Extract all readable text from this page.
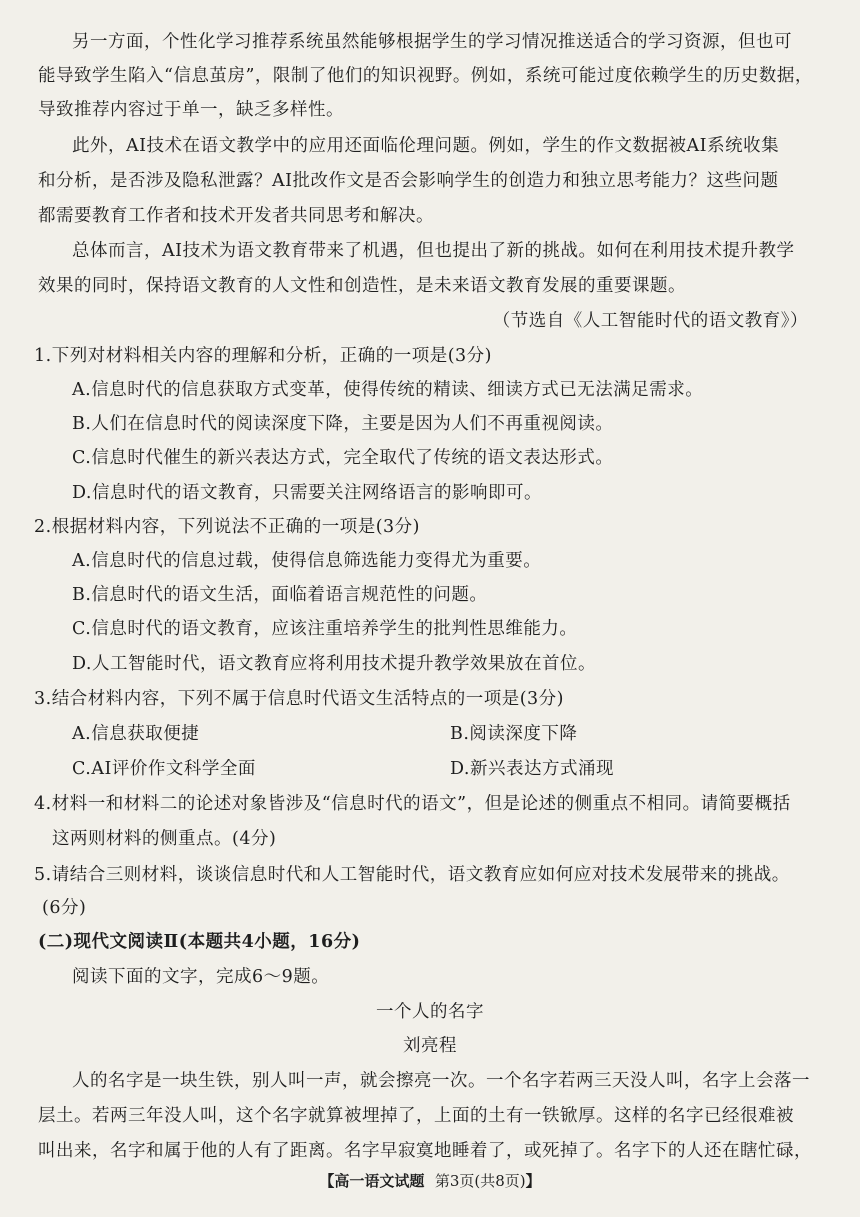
另一方面，个性化学习推荐系统虽然能够根据学生的学习情况推送适合的学习资源，但也可
能导致学生陷入“信息茧房”，限制了他们的知识视野。例如，系统可能过度依赖学生的历史数据，
导致推荐内容过于单一，缺乏多样性。
此外，AI技术在语文教学中的应用还面临伦理问题。例如，学生的作文数据被AI系统收集
和分析，是否涉及隐私泄露？AI批改作文是否会影响学生的创造力和独立思考能力？这些问题
都需要教育工作者和技术开发者共同思考和解决。
总体而言，AI技术为语文教育带来了机遇，但也提出了新的挑战。如何在利用技术提升教学
效果的同时，保持语文教育的人文性和创造性，是未来语文教育发展的重要课题。
（节选自《人工智能时代的语文教育》）
1.下列对材料相关内容的理解和分析，正确的一项是(3分)
A.信息时代的信息获取方式变革，使得传统的精读、细读方式已无法满足需求。
B.人们在信息时代的阅读深度下降，主要是因为人们不再重视阅读。
C.信息时代催生的新兴表达方式，完全取代了传统的语文表达形式。
D.信息时代的语文教育，只需要关注网络语言的影响即可。
2.根据材料内容，下列说法不正确的一项是(3分)
A.信息时代的信息过载，使得信息筛选能力变得尤为重要。
B.信息时代的语文生活，面临着语言规范性的问题。
C.信息时代的语文教育，应该注重培养学生的批判性思维能力。
D.人工智能时代，语文教育应将利用技术提升教学效果放在首位。
3.结合材料内容，下列不属于信息时代语文生活特点的一项是(3分)
A.信息获取便捷	B.阅读深度下降
C.AI评价作文科学全面	D.新兴表达方式涌现
4.材料一和材料二的论述对象皆涉及“信息时代的语文”，但是论述的侧重点不相同。请简要概括
这两则材料的侧重点。(4分)
5.请结合三则材料，谈谈信息时代和人工智能时代，语文教育应如何应对技术发展带来的挑战。
(6分)
(二)现代文阅读Ⅱ(本题共4小题，16分)
阅读下面的文字，完成6～9题。
一个人的名字
刘亮程
人的名字是一块生铁，别人叫一声，就会擦亮一次。一个名字若两三天没人叫，名字上会落一
层土。若两三年没人叫，这个名字就算被埋掉了，上面的土有一铁锨厚。这样的名字已经很难被
叫出来，名字和属于他的人有了距离。名字早寂寞地睡着了，或死掉了。名字下的人还在瞎忙碌，
【高一语文试题 第3页(共8页)】
